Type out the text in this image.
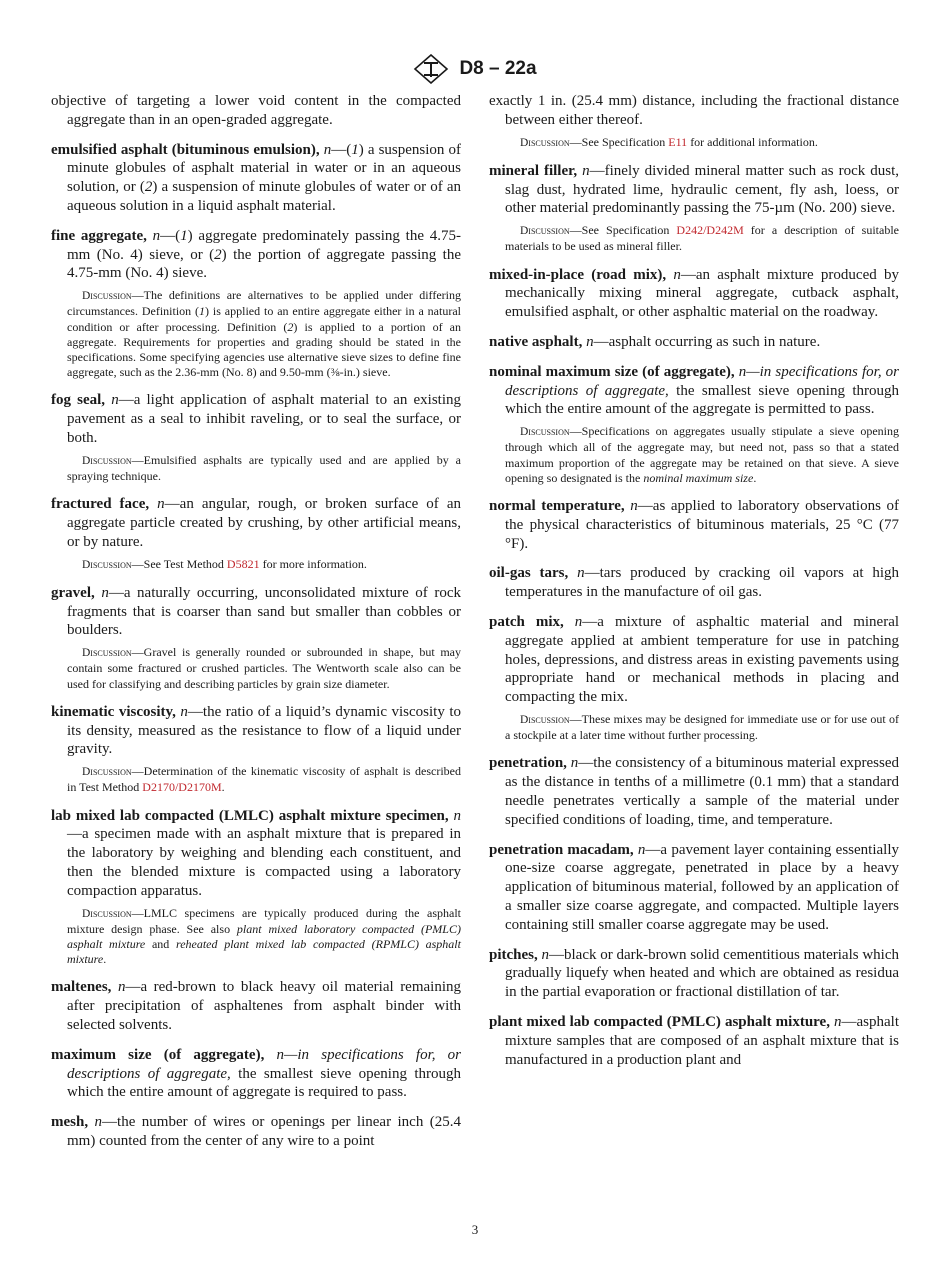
D8 – 22a

objective of targeting a lower void content in the compacted aggregate than in an open-graded aggregate.

emulsified asphalt (bituminous emulsion), n—(1) a suspension of minute globules of asphalt material in water or in an aqueous solution, or (2) a suspension of minute globules of water or of an aqueous solution in a liquid asphalt material.

fine aggregate, n—(1) aggregate predominately passing the 4.75-mm (No. 4) sieve, or (2) the portion of aggregate passing the 4.75-mm (No. 4) sieve.

Discussion—The definitions are alternatives to be applied under differing circumstances. Definition (1) is applied to an entire aggregate either in a natural condition or after processing. Definition (2) is applied to a portion of an aggregate. Requirements for properties and grading should be stated in the specifications. Some specifying agencies use alternative sieve sizes to define fine aggregate, such as the 2.36-mm (No. 8) and 9.50-mm (⅜-in.) sieve.

fog seal, n—a light application of asphalt material to an existing pavement as a seal to inhibit raveling, or to seal the surface, or both.

Discussion—Emulsified asphalts are typically used and are applied by a spraying technique.

fractured face, n—an angular, rough, or broken surface of an aggregate particle created by crushing, by other artificial means, or by nature.

Discussion—See Test Method D5821 for more information.

gravel, n—a naturally occurring, unconsolidated mixture of rock fragments that is coarser than sand but smaller than cobbles or boulders.

Discussion—Gravel is generally rounded or subrounded in shape, but may contain some fractured or crushed particles. The Wentworth scale also can be used for classifying and describing particles by grain size diameter.

kinematic viscosity, n—the ratio of a liquid’s dynamic viscosity to its density, measured as the resistance to flow of a liquid under gravity.

Discussion—Determination of the kinematic viscosity of asphalt is described in Test Method D2170/D2170M.

lab mixed lab compacted (LMLC) asphalt mixture specimen, n—a specimen made with an asphalt mixture that is prepared in the laboratory by weighing and blending each constituent, and then the blended mixture is compacted using a laboratory compaction apparatus.

Discussion—LMLC specimens are typically produced during the asphalt mixture design phase. See also plant mixed laboratory compacted (PMLC) asphalt mixture and reheated plant mixed lab compacted (RPMLC) asphalt mixture.

maltenes, n—a red-brown to black heavy oil material remaining after precipitation of asphaltenes from asphalt binder with selected solvents.

maximum size (of aggregate), n—in specifications for, or descriptions of aggregate, the smallest sieve opening through which the entire amount of aggregate is required to pass.

mesh, n—the number of wires or openings per linear inch (25.4 mm) counted from the center of any wire to a point

exactly 1 in. (25.4 mm) distance, including the fractional distance between either thereof.

Discussion—See Specification E11 for additional information.

mineral filler, n—finely divided mineral matter such as rock dust, slag dust, hydrated lime, hydraulic cement, fly ash, loess, or other material predominantly passing the 75-µm (No. 200) sieve.

Discussion—See Specification D242/D242M for a description of suitable materials to be used as mineral filler.

mixed-in-place (road mix), n—an asphalt mixture produced by mechanically mixing mineral aggregate, cutback asphalt, emulsified asphalt, or other asphaltic material on the roadway.

native asphalt, n—asphalt occurring as such in nature.

nominal maximum size (of aggregate), n—in specifications for, or descriptions of aggregate, the smallest sieve opening through which the entire amount of the aggregate is permitted to pass.

Discussion—Specifications on aggregates usually stipulate a sieve opening through which all of the aggregate may, but need not, pass so that a stated maximum proportion of the aggregate may be retained on that sieve. A sieve opening so designated is the nominal maximum size.

normal temperature, n—as applied to laboratory observations of the physical characteristics of bituminous materials, 25 °C (77 °F).

oil-gas tars, n—tars produced by cracking oil vapors at high temperatures in the manufacture of oil gas.

patch mix, n—a mixture of asphaltic material and mineral aggregate applied at ambient temperature for use in patching holes, depressions, and distress areas in existing pavements using appropriate hand or mechanical methods in placing and compacting the mix.

Discussion—These mixes may be designed for immediate use or for use out of a stockpile at a later time without further processing.

penetration, n—the consistency of a bituminous material expressed as the distance in tenths of a millimetre (0.1 mm) that a standard needle penetrates vertically a sample of the material under specified conditions of loading, time, and temperature.

penetration macadam, n—a pavement layer containing essentially one-size coarse aggregate, penetrated in place by a heavy application of bituminous material, followed by an application of a smaller size coarse aggregate, and compacted. Multiple layers containing still smaller coarse aggregate may be used.

pitches, n—black or dark-brown solid cementitious materials which gradually liquefy when heated and which are obtained as residua in the partial evaporation or fractional distillation of tar.

plant mixed lab compacted (PMLC) asphalt mixture, n—asphalt mixture samples that are composed of an asphalt mixture that is manufactured in a production plant and

3
